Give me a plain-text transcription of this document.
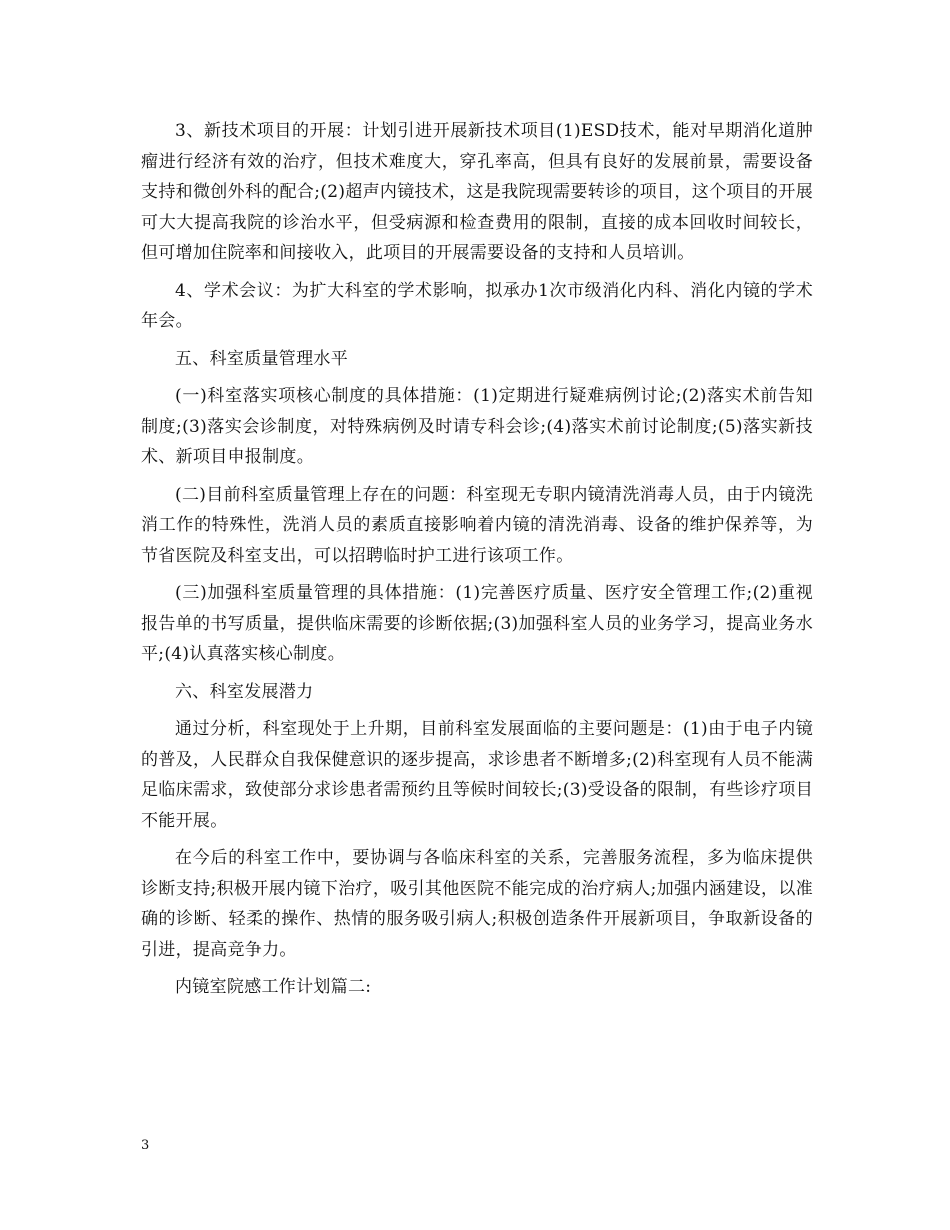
3、新技术项目的开展：计划引进开展新技术项目(1)ESD技术，能对早期消化道肿瘤进行经济有效的治疗，但技术难度大，穿孔率高，但具有良好的发展前景，需要设备支持和微创外科的配合;(2)超声内镜技术，这是我院现需要转诊的项目，这个项目的开展可大大提高我院的诊治水平，但受病源和检查费用的限制，直接的成本回收时间较长，但可增加住院率和间接收入，此项目的开展需要设备的支持和人员培训。

4、学术会议：为扩大科室的学术影响，拟承办1次市级消化内科、消化内镜的学术年会。

五、科室质量管理水平

(一)科室落实项核心制度的具体措施：(1)定期进行疑难病例讨论;(2)落实术前告知制度;(3)落实会诊制度，对特殊病例及时请专科会诊;(4)落实术前讨论制度;(5)落实新技术、新项目申报制度。

(二)目前科室质量管理上存在的问题：科室现无专职内镜清洗消毒人员，由于内镜洗消工作的特殊性，洗消人员的素质直接影响着内镜的清洗消毒、设备的维护保养等，为节省医院及科室支出，可以招聘临时护工进行该项工作。

(三)加强科室质量管理的具体措施：(1)完善医疗质量、医疗安全管理工作;(2)重视报告单的书写质量，提供临床需要的诊断依据;(3)加强科室人员的业务学习，提高业务水平;(4)认真落实核心制度。

六、科室发展潜力

通过分析，科室现处于上升期，目前科室发展面临的主要问题是：(1)由于电子内镜的普及，人民群众自我保健意识的逐步提高，求诊患者不断增多;(2)科室现有人员不能满足临床需求，致使部分求诊患者需预约且等候时间较长;(3)受设备的限制，有些诊疗项目不能开展。

在今后的科室工作中，要协调与各临床科室的关系，完善服务流程，多为临床提供诊断支持;积极开展内镜下治疗，吸引其他医院不能完成的治疗病人;加强内涵建设，以准确的诊断、轻柔的操作、热情的服务吸引病人;积极创造条件开展新项目，争取新设备的引进，提高竞争力。

内镜室院感工作计划篇二:

3
